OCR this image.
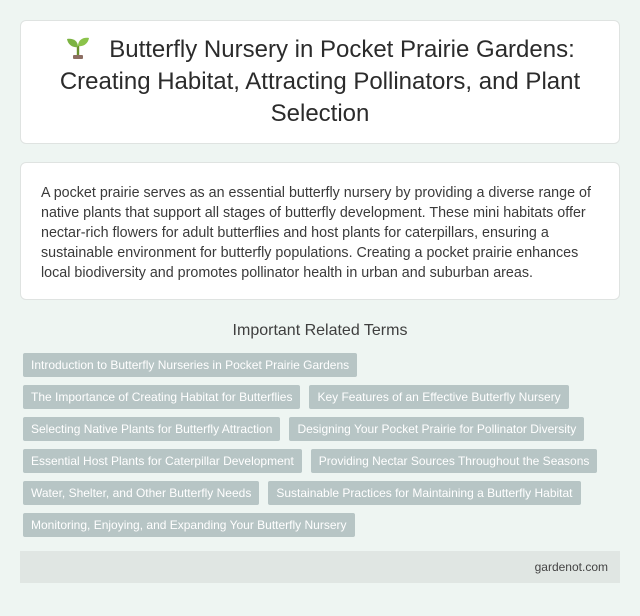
Butterfly Nursery in Pocket Prairie Gardens: Creating Habitat, Attracting Pollinators, and Plant Selection

A pocket prairie serves as an essential butterfly nursery by providing a diverse range of native plants that support all stages of butterfly development. These mini habitats offer nectar-rich flowers for adult butterflies and host plants for caterpillars, ensuring a sustainable environment for butterfly populations. Creating a pocket prairie enhances local biodiversity and promotes pollinator health in urban and suburban areas.

Important Related Terms
Introduction to Butterfly Nurseries in Pocket Prairie Gardens
The Importance of Creating Habitat for Butterflies	Key Features of an Effective Butterfly Nursery
Selecting Native Plants for Butterfly Attraction	Designing Your Pocket Prairie for Pollinator Diversity
Essential Host Plants for Caterpillar Development	Providing Nectar Sources Throughout the Seasons
Water, Shelter, and Other Butterfly Needs	Sustainable Practices for Maintaining a Butterfly Habitat
Monitoring, Enjoying, and Expanding Your Butterfly Nursery
gardenot.com
